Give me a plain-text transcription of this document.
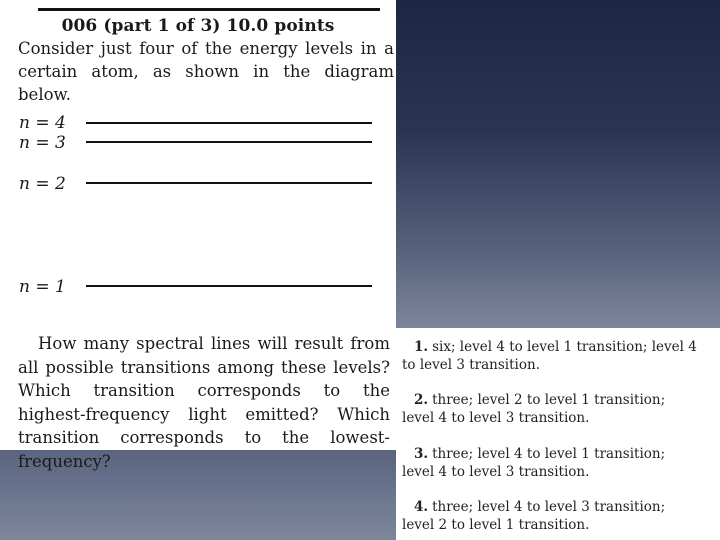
006 (part 1 of 3) 10.0 points
Consider just four of the energy levels in a certain atom, as shown in the diagram below.
n = 4
n = 3
n = 2
n = 1
How many spectral lines will result from all possible transitions among these levels? Which transition corresponds to the highest-frequency light emitted? Which transition corresponds to the lowest-frequency?
1. six; level 4 to level 1 transition; level 4 to level 3 transition.
2. three; level 2 to level 1 transition; level 4 to level 3 transition.
3. three; level 4 to level 1 transition; level 4 to level 3 transition.
4. three; level 4 to level 3 transition; level 2 to level 1 transition.
